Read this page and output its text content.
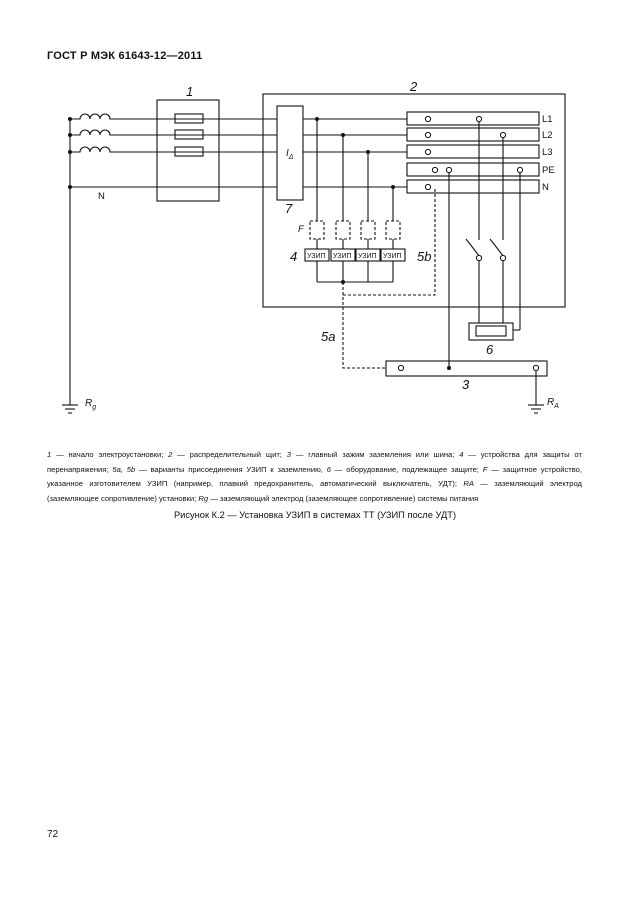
ГОСТ Р МЭК 61643-12—2011
1	2
3
4
5a
5b
6
7
F
N
$I_\Delta$
L1
L2
L3
PE
N
УЗИП УЗИП УЗИП УЗИП
$R_g$	$R_A$
1 — начало электроустановки; 2 — распределительный щит; 3 — главный зажим заземления или шина; 4 — устройства для защиты от перенапряжения; 5a, 5b — варианты присоединения УЗИП к заземлению, 6 — оборудование, подлежащее защите; F — защитное устройство, указанное изготовителем УЗИП (например, плавкий предохранитель, автоматический выключатель, УДТ); RA — заземляющий электрод (заземляющее сопротивление) установки; Rg — заземляющий электрод (заземляющее сопротивление) системы питания
Рисунок К.2 — Установка УЗИП в системах ТТ (УЗИП после УДТ)
72
